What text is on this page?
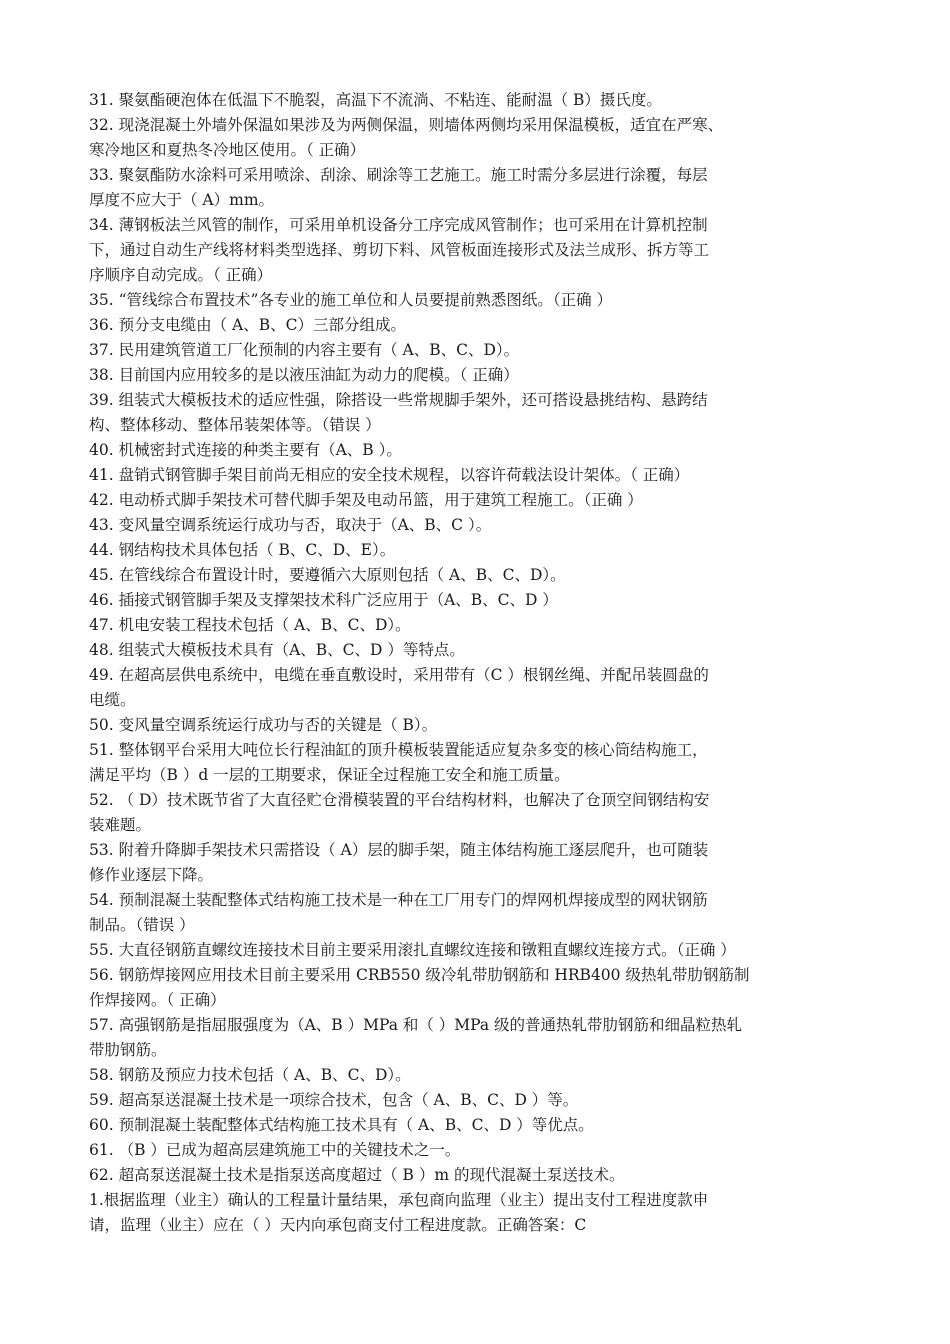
31. 聚氨酯硬泡体在低温下不脆裂，高温下不流淌、不粘连、能耐温（ B）摄氏度。
32. 现浇混凝土外墙外保温如果涉及为两侧保温，则墙体两侧均采用保温模板，适宜在严寒、
寒冷地区和夏热冬冷地区使用。（ 正确）
33. 聚氨酯防水涂料可采用喷涂、刮涂、刷涂等工艺施工。施工时需分多层进行涂覆，每层
厚度不应大于（ A）mm。
34. 薄钢板法兰风管的制作，可采用单机设备分工序完成风管制作；也可采用在计算机控制
下，通过自动生产线将材料类型选择、剪切下料、风管板面连接形式及法兰成形、拆方等工
序顺序自动完成。（ 正确）
35. “管线综合布置技术”各专业的施工单位和人员要提前熟悉图纸。（正确 ）
36. 预分支电缆由（ A、B、C）三部分组成。
37. 民用建筑管道工厂化预制的内容主要有（ A、B、C、D）。
38. 目前国内应用较多的是以液压油缸为动力的爬模。（ 正确）
39. 组装式大模板技术的适应性强，除搭设一些常规脚手架外，还可搭设悬挑结构、悬跨结
构、整体移动、整体吊装架体等。（错误 ）
40. 机械密封式连接的种类主要有（A、B ）。
41. 盘销式钢管脚手架目前尚无相应的安全技术规程，以容许荷载法设计架体。（ 正确）
42. 电动桥式脚手架技术可替代脚手架及电动吊篮，用于建筑工程施工。（正确 ）
43. 变风量空调系统运行成功与否，取决于（A、B、C ）。
44. 钢结构技术具体包括（ B、C、D、E）。
45. 在管线综合布置设计时，要遵循六大原则包括（ A、B、C、D）。
46. 插接式钢管脚手架及支撑架技术科广泛应用于（A、B、C、D ）
47. 机电安装工程技术包括（ A、B、C、D）。
48. 组装式大模板技术具有（A、B、C、D ）等特点。
49. 在超高层供电系统中，电缆在垂直敷设时，采用带有（C ）根钢丝绳、并配吊装圆盘的
电缆。
50. 变风量空调系统运行成功与否的关键是（ B）。
51. 整体钢平台采用大吨位长行程油缸的顶升模板装置能适应复杂多变的核心筒结构施工，
满足平均（B ）d 一层的工期要求，保证全过程施工安全和施工质量。
52. （ D）技术既节省了大直径贮仓滑模装置的平台结构材料，也解决了仓顶空间钢结构安
装难题。
53. 附着升降脚手架技术只需搭设（ A）层的脚手架，随主体结构施工逐层爬升，也可随装
修作业逐层下降。
54. 预制混凝土装配整体式结构施工技术是一种在工厂用专门的焊网机焊接成型的网状钢筋
制品。（错误 ）
55. 大直径钢筋直螺纹连接技术目前主要采用滚扎直螺纹连接和镦粗直螺纹连接方式。（正确 ）
56. 钢筋焊接网应用技术目前主要采用 CRB550 级冷轧带肋钢筋和 HRB400 级热轧带肋钢筋制
作焊接网。（ 正确）
57. 高强钢筋是指屈服强度为（A、B ）MPa 和（ ）MPa 级的普通热轧带肋钢筋和细晶粒热轧
带肋钢筋。
58. 钢筋及预应力技术包括（ A、B、C、D）。
59. 超高泵送混凝土技术是一项综合技术，包含（ A、B、C、D ）等。
60. 预制混凝土装配整体式结构施工技术具有（ A、B、C、D ）等优点。
61. （B ）已成为超高层建筑施工中的关键技术之一。
62. 超高泵送混凝土技术是指泵送高度超过（ B ）m 的现代混凝土泵送技术。
1.根据监理（业主）确认的工程量计量结果，承包商向监理（业主）提出支付工程进度款申
请，监理（业主）应在（ ）天内向承包商支付工程进度款。正确答案：C
